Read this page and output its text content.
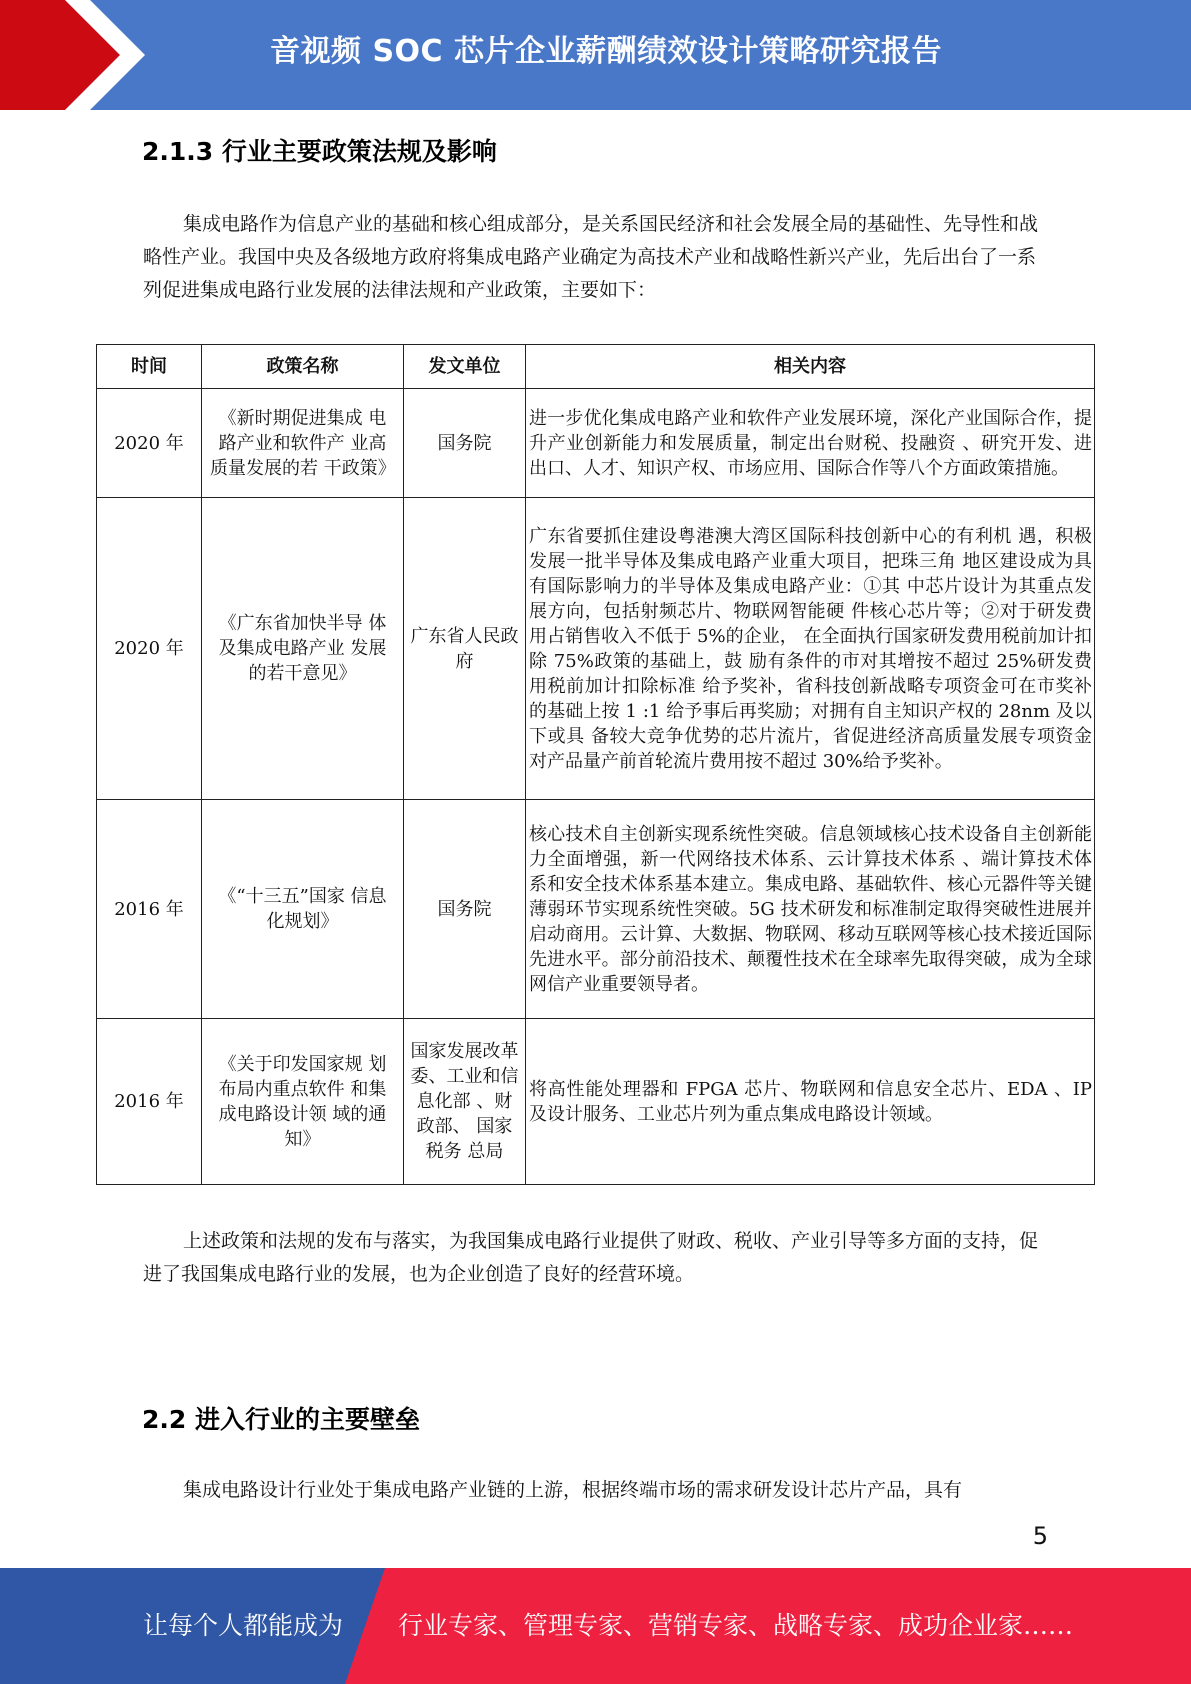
音视频 SOC 芯片企业薪酬绩效设计策略研究报告
2.1.3 行业主要政策法规及影响

集成电路作为信息产业的基础和核心组成部分，是关系国民经济和社会发展全局的基础性、先导性和战略性产业。我国中央及各级地方政府将集成电路产业确定为高技术产业和战略性新兴产业，先后出台了一系列促进集成电路行业发展的法律法规和产业政策，主要如下：

时间	政策名称	发文单位	相关内容
2020 年	《新时期促进集成 电路产业和软件产 业高质量发展的若 干政策》	国务院	进一步优化集成电路产业和软件产业发展环境，深化产业国际合作，提升产业创新能力和发展质量，制定出台财税、投融资 、研究开发、进出口、人才、知识产权、市场应用、国际合作等八个方面政策措施。
2020 年	《广东省加快半导 体及集成电路产业 发展的若干意见》	广东省人民政府	广东省要抓住建设粤港澳大湾区国际科技创新中心的有利机 遇，积极发展一批半导体及集成电路产业重大项目，把珠三角 地区建设成为具有国际影响力的半导体及集成电路产业：①其 中芯片设计为其重点发展方向，包括射频芯片、物联网智能硬 件核心芯片等；②对于研发费用占销售收入不低于 5%的企业， 在全面执行国家研发费用税前加计扣除 75%政策的基础上，鼓 励有条件的市对其增按不超过 25%研发费用税前加计扣除标准 给予奖补，省科技创新战略专项资金可在市奖补的基础上按 1 :1 给予事后再奖励；对拥有自主知识产权的 28nm 及以下或具 备较大竞争优势的芯片流片，省促进经济高质量发展专项资金 对产品量产前首轮流片费用按不超过 30%给予奖补。
2016 年	《“十三五”国家 信息化规划》	国务院	核心技术自主创新实现系统性突破。信息领域核心技术设备自主创新能力全面增强，新一代网络技术体系、云计算技术体系 、端计算技术体系和安全技术体系基本建立。集成电路、基础软件、核心元器件等关键薄弱环节实现系统性突破。5G 技术研发和标准制定取得突破性进展并启动商用。云计算、大数据、物联网、移动互联网等核心技术接近国际先进水平。部分前沿技术、颠覆性技术在全球率先取得突破，成为全球网信产业重要领导者。
2016 年	《关于印发国家规 划布局内重点软件 和集成电路设计领 域的通知》	国家发展改革委、工业和信息化部 、财政部、 国家税务 总局	将高性能处理器和 FPGA 芯片、物联网和信息安全芯片、EDA 、IP 及设计服务、工业芯片列为重点集成电路设计领域。

上述政策和法规的发布与落实，为我国集成电路行业提供了财政、税收、产业引导等多方面的支持，促进了我国集成电路行业的发展，也为企业创造了良好的经营环境。

2.2 进入行业的主要壁垒

集成电路设计行业处于集成电路产业链的上游，根据终端市场的需求研发设计芯片产品，具有

5
让每个人都能成为 行业专家、管理专家、营销专家、战略专家、成功企业家……
